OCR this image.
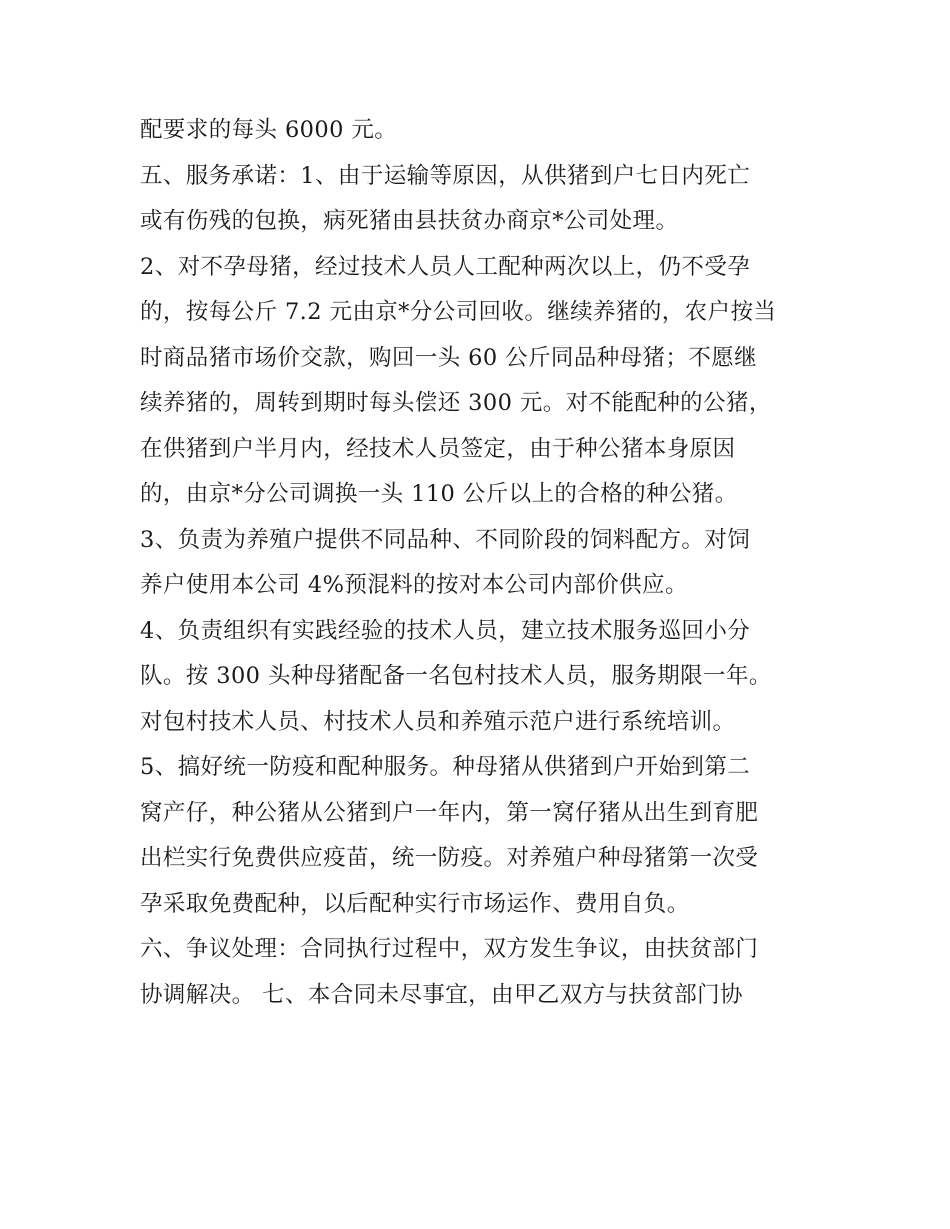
配要求的每头 6000 元。
五、服务承诺：1、由于运输等原因，从供猪到户七日内死亡
或有伤残的包换，病死猪由县扶贫办商京*公司处理。
2、对不孕母猪，经过技术人员人工配种两次以上，仍不受孕
的，按每公斤 7.2 元由京*分公司回收。继续养猪的，农户按当
时商品猪市场价交款，购回一头 60 公斤同品种母猪；不愿继
续养猪的，周转到期时每头偿还 300 元。对不能配种的公猪，
在供猪到户半月内，经技术人员签定，由于种公猪本身原因
的，由京*分公司调换一头 110 公斤以上的合格的种公猪。
3、负责为养殖户提供不同品种、不同阶段的饲料配方。对饲
养户使用本公司 4%预混料的按对本公司内部价供应。
4、负责组织有实践经验的技术人员，建立技术服务巡回小分
队。按 300 头种母猪配备一名包村技术人员，服务期限一年。
对包村技术人员、村技术人员和养殖示范户进行系统培训。
5、搞好统一防疫和配种服务。种母猪从供猪到户开始到第二
窝产仔，种公猪从公猪到户一年内，第一窝仔猪从出生到育肥
出栏实行免费供应疫苗，统一防疫。对养殖户种母猪第一次受
孕采取免费配种，以后配种实行市场运作、费用自负。
六、争议处理：合同执行过程中，双方发生争议，由扶贫部门
协调解决。 七、本合同未尽事宜，由甲乙双方与扶贫部门协
